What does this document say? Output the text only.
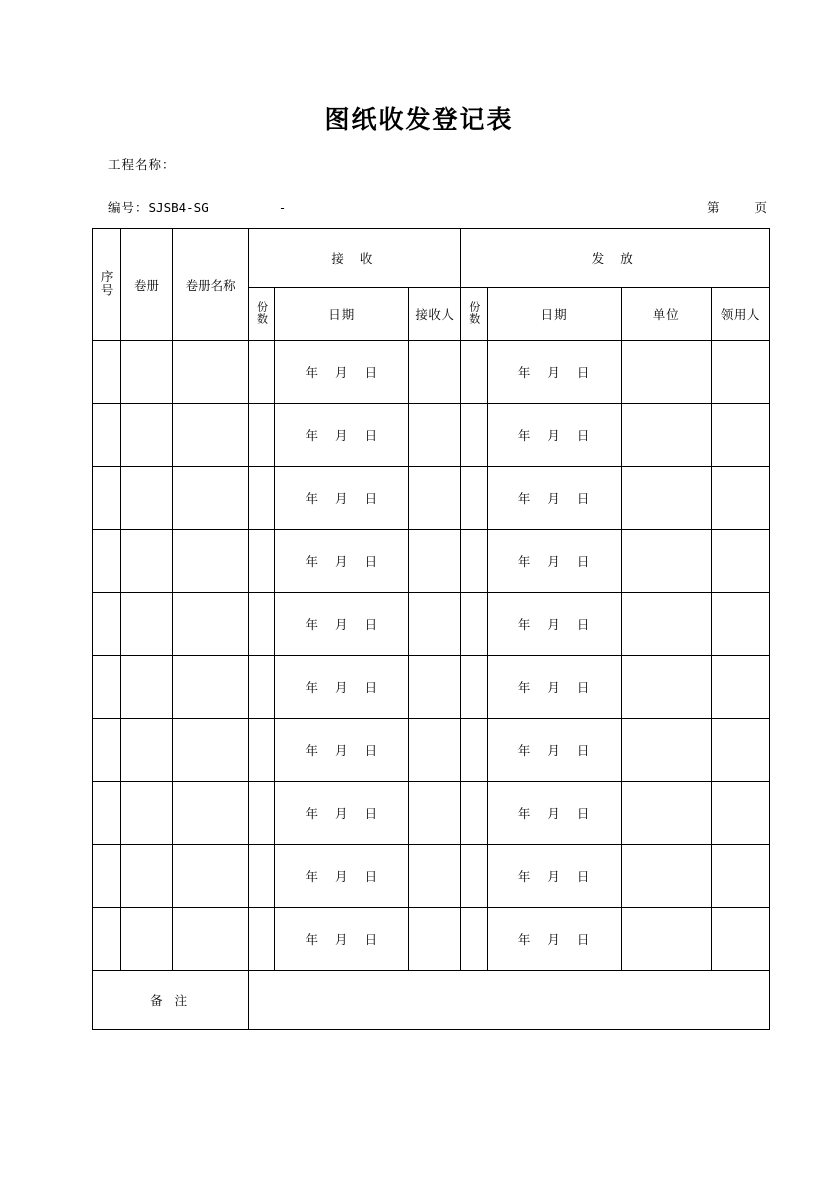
图纸收发登记表
工程名称：
编号： SJSB4-SG	-	第	页
序号	卷册	卷册名称	接 收			发 放			
			份数	日期	接收人	份数	日期	单位	领用人
				年 月 日			年 月 日		
				年 月 日			年 月 日		
				年 月 日			年 月 日		
				年 月 日			年 月 日		
				年 月 日			年 月 日		
				年 月 日			年 月 日		
				年 月 日			年 月 日		
				年 月 日			年 月 日		
				年 月 日			年 月 日		
				年 月 日			年 月 日		
备 注									
